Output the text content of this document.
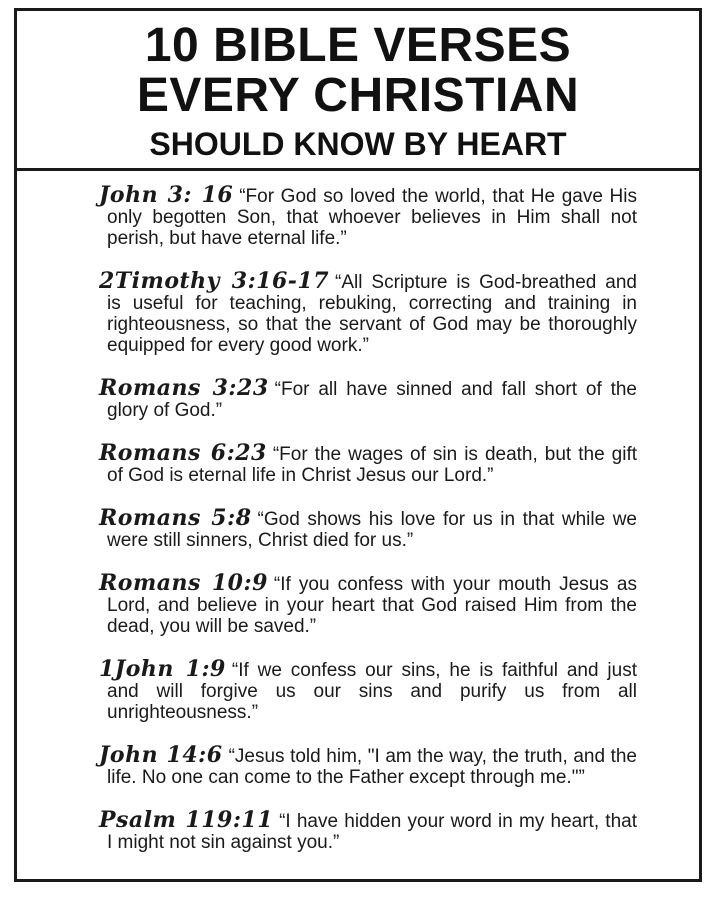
10 BIBLE VERSES
EVERY CHRISTIAN
SHOULD KNOW BY HEART
John 3: 16 “For God so loved the world, that He gave His only begotten Son, that whoever believes in Him shall not perish, but have eternal life.”
2Timothy 3:16-17 “All Scripture is God-breathed and is useful for teaching, rebuking, correcting and training in righteousness, so that the servant of God may be thoroughly equipped for every good work.”
Romans 3:23 “For all have sinned and fall short of the glory of God.”
Romans 6:23 “For the wages of sin is death, but the gift of God is eternal life in Christ Jesus our Lord.”
Romans 5:8 “God shows his love for us in that while we were still sinners, Christ died for us.”
Romans 10:9 “If you confess with your mouth Jesus as Lord, and believe in your heart that God raised Him from the dead, you will be saved.”
1John 1:9 “If we confess our sins, he is faithful and just and will forgive us our sins and purify us from all unrighteousness.”
John 14:6 “Jesus told him, "I am the way, the truth, and the life. No one can come to the Father except through me."”
Psalm 119:11 “I have hidden your word in my heart, that I might not sin against you.”
